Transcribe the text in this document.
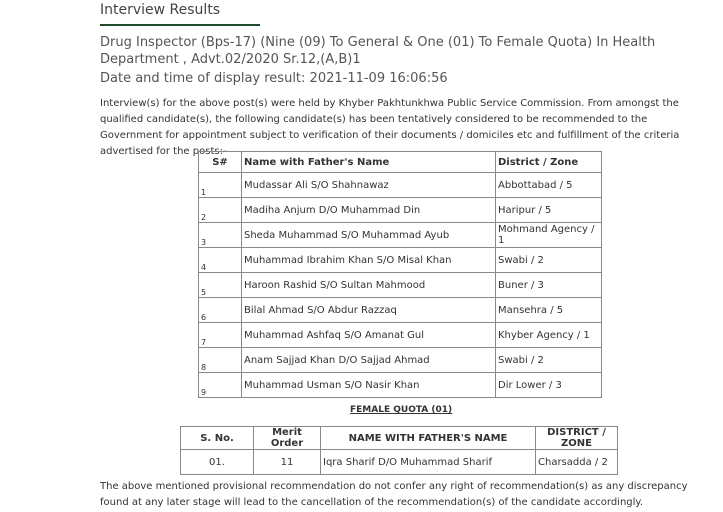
Interview Results
Drug Inspector (Bps-17) (Nine (09) To General & One (01) To Female Quota) In Health Department , Advt.02/2020 Sr.12,(A,B)1
Date and time of display result: 2021-11-09 16:06:56
Interview(s) for the above post(s) were held by Khyber Pakhtunkhwa Public Service Commission. From amongst the qualified candidate(s), the following candidate(s) has been tentatively considered to be recommended to the Government for appointment subject to verification of their documents / domiciles etc and fulfillment of the criteria advertised for the posts:-
S#	Name with Father's Name	District / Zone
1	Mudassar Ali S/O Shahnawaz	Abbottabad / 5
2	Madiha Anjum D/O Muhammad Din	Haripur / 5
3	Sheda Muhammad S/O Muhammad Ayub	Mohmand Agency / 1
4	Muhammad Ibrahim Khan S/O Misal Khan	Swabi / 2
5	Haroon Rashid S/O Sultan Mahmood	Buner / 3
6	Bilal Ahmad S/O Abdur Razzaq	Mansehra / 5
7	Muhammad Ashfaq S/O Amanat Gul	Khyber Agency / 1
8	Anam Sajjad Khan D/O Sajjad Ahmad	Swabi / 2
9	Muhammad Usman S/O Nasir Khan	Dir Lower / 3
FEMALE QUOTA (01)
S. No.	Merit Order	NAME WITH FATHER'S NAME	DISTRICT / ZONE
01.	11	Iqra Sharif D/O Muhammad Sharif	Charsadda / 2
The above mentioned provisional recommendation do not confer any right of recommendation(s) as any discrepancy found at any later stage will lead to the cancellation of the recommendation(s) of the candidate accordingly.
